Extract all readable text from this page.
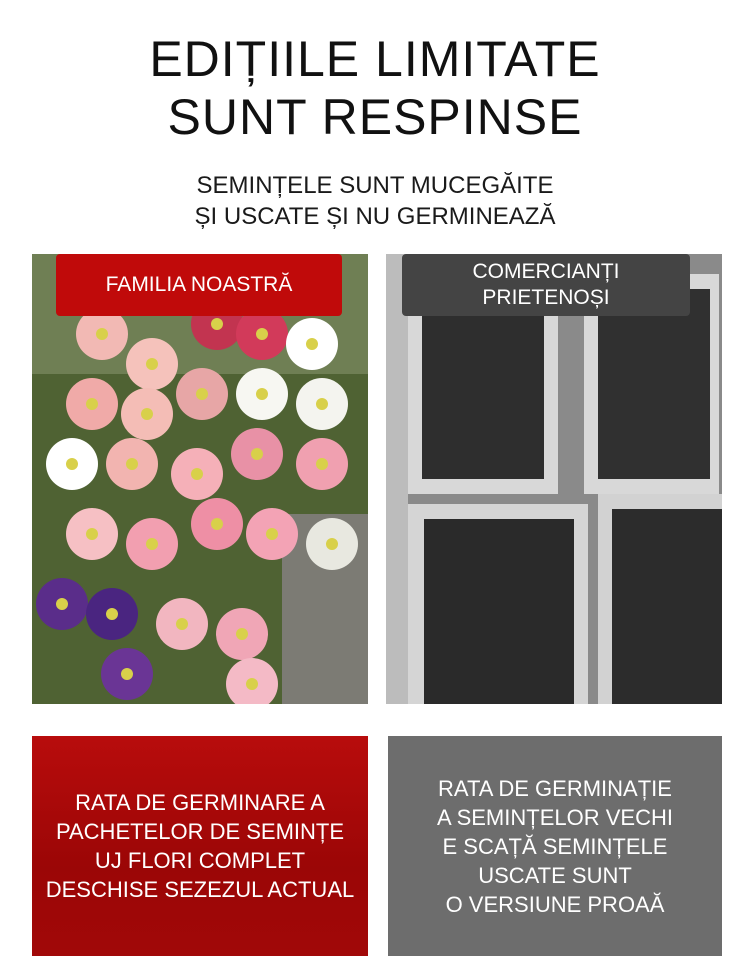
EDIȚIILE LIMITATE
SUNT RESPINSE
SEMINȚELE SUNT MUCEGĂITE
ȘI USCATE ȘI NU GERMINEAZĂ
FAMILIA NOASTRĂ
COMERCIANȚI
PRIETENOȘI
RATA DE GERMINARE A
PACHETELOR DE SEMINȚE
UJ FLORI COMPLET
DESCHISE SEZEZUL ACTUAL
RATA DE GERMINAȚIE
A SEMINȚELOR VECHI
E SCAȚĂ SEMINȚELE
USCATE SUNT
O VERSIUNE PROAĂ
